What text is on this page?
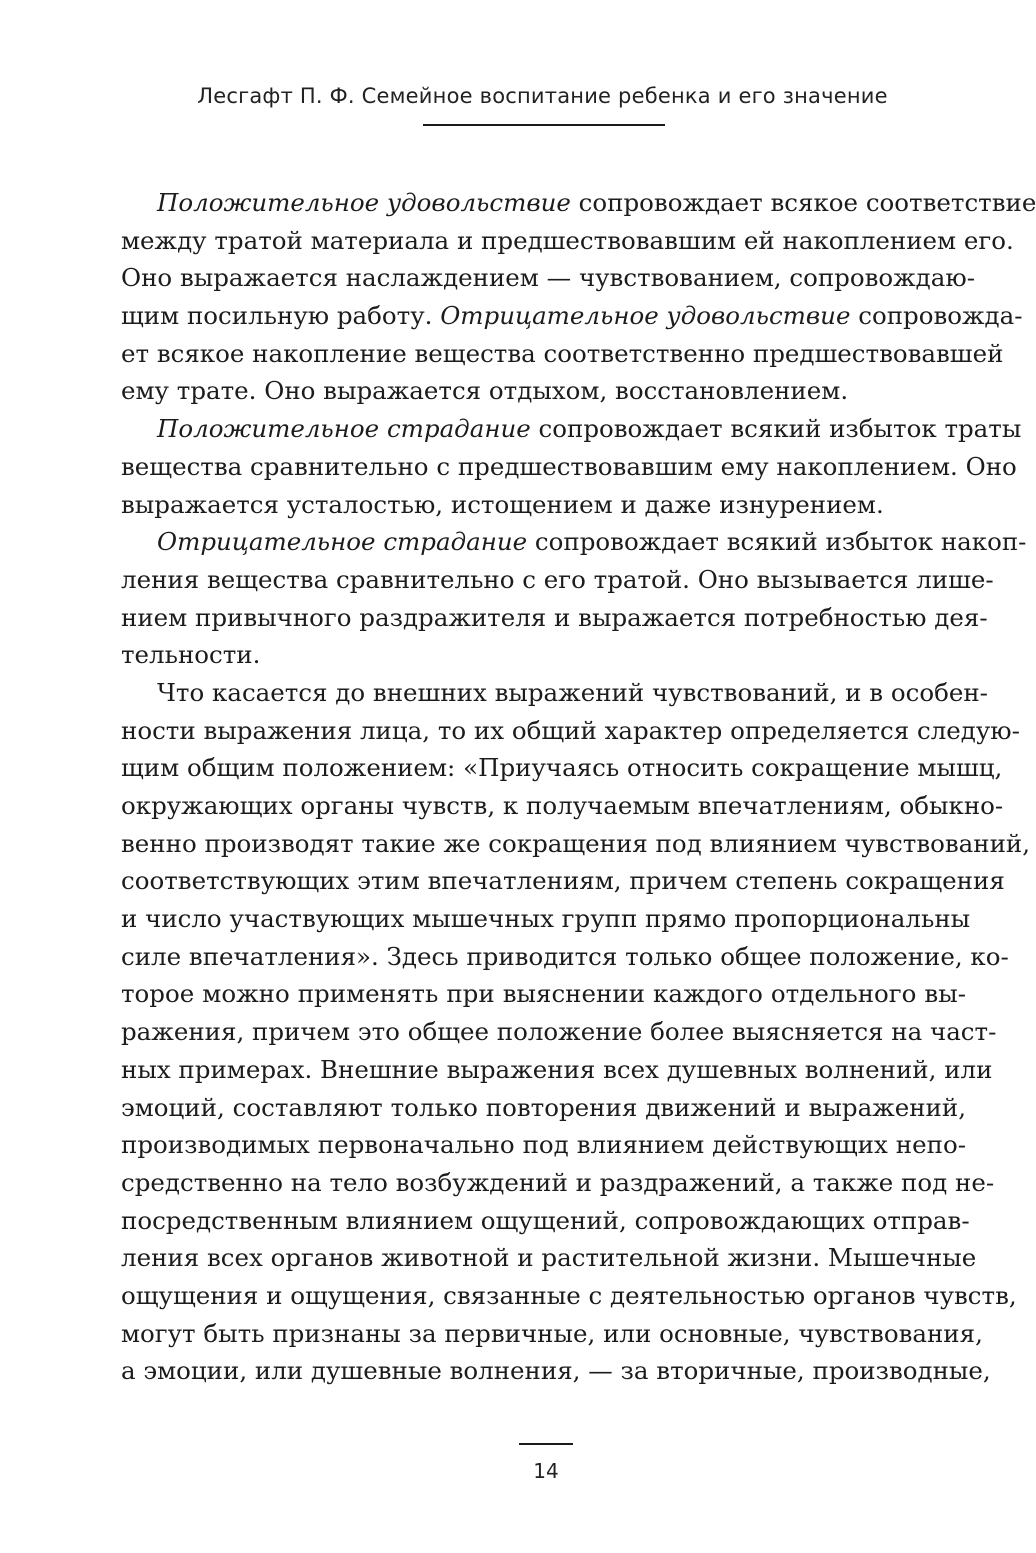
Лесгафт П. Ф. Семейное воспитание ребенка и его значение
Положительное удовольствие сопровождает всякое соответствие
между тратой материала и предшествовавшим ей накоплением его.
Оно выражается наслаждением — чувствованием, сопровождаю-
щим посильную работу. Отрицательное удовольствие сопровожда-
ет всякое накопление вещества соответственно предшествовавшей
ему трате. Оно выражается отдыхом, восстановлением.
Положительное страдание сопровождает всякий избыток траты
вещества сравнительно с предшествовавшим ему накоплением. Оно
выражается усталостью, истощением и даже изнурением.
Отрицательное страдание сопровождает всякий избыток накоп-
ления вещества сравнительно с его тратой. Оно вызывается лише-
нием привычного раздражителя и выражается потребностью дея-
тельности.
Что касается до внешних выражений чувствований, и в особен-
ности выражения лица, то их общий характер определяется следую-
щим общим положением: «Приучаясь относить сокращение мышц,
окружающих органы чувств, к получаемым впечатлениям, обыкно-
венно производят такие же сокращения под влиянием чувствований,
соответствующих этим впечатлениям, причем степень сокращения
и число участвующих мышечных групп прямо пропорциональны
силе впечатления». Здесь приводится только общее положение, ко-
торое можно применять при выяснении каждого отдельного вы-
ражения, причем это общее положение более выясняется на част-
ных примерах. Внешние выражения всех душевных волнений, или
эмоций, составляют только повторения движений и выражений,
производимых первоначально под влиянием действующих непо-
средственно на тело возбуждений и раздражений, а также под не-
посредственным влиянием ощущений, сопровождающих отправ-
ления всех органов животной и растительной жизни. Мышечные
ощущения и ощущения, связанные с деятельностью органов чувств,
могут быть признаны за первичные, или основные, чувствования,
а эмоции, или душевные волнения, — за вторичные, производные,
14
